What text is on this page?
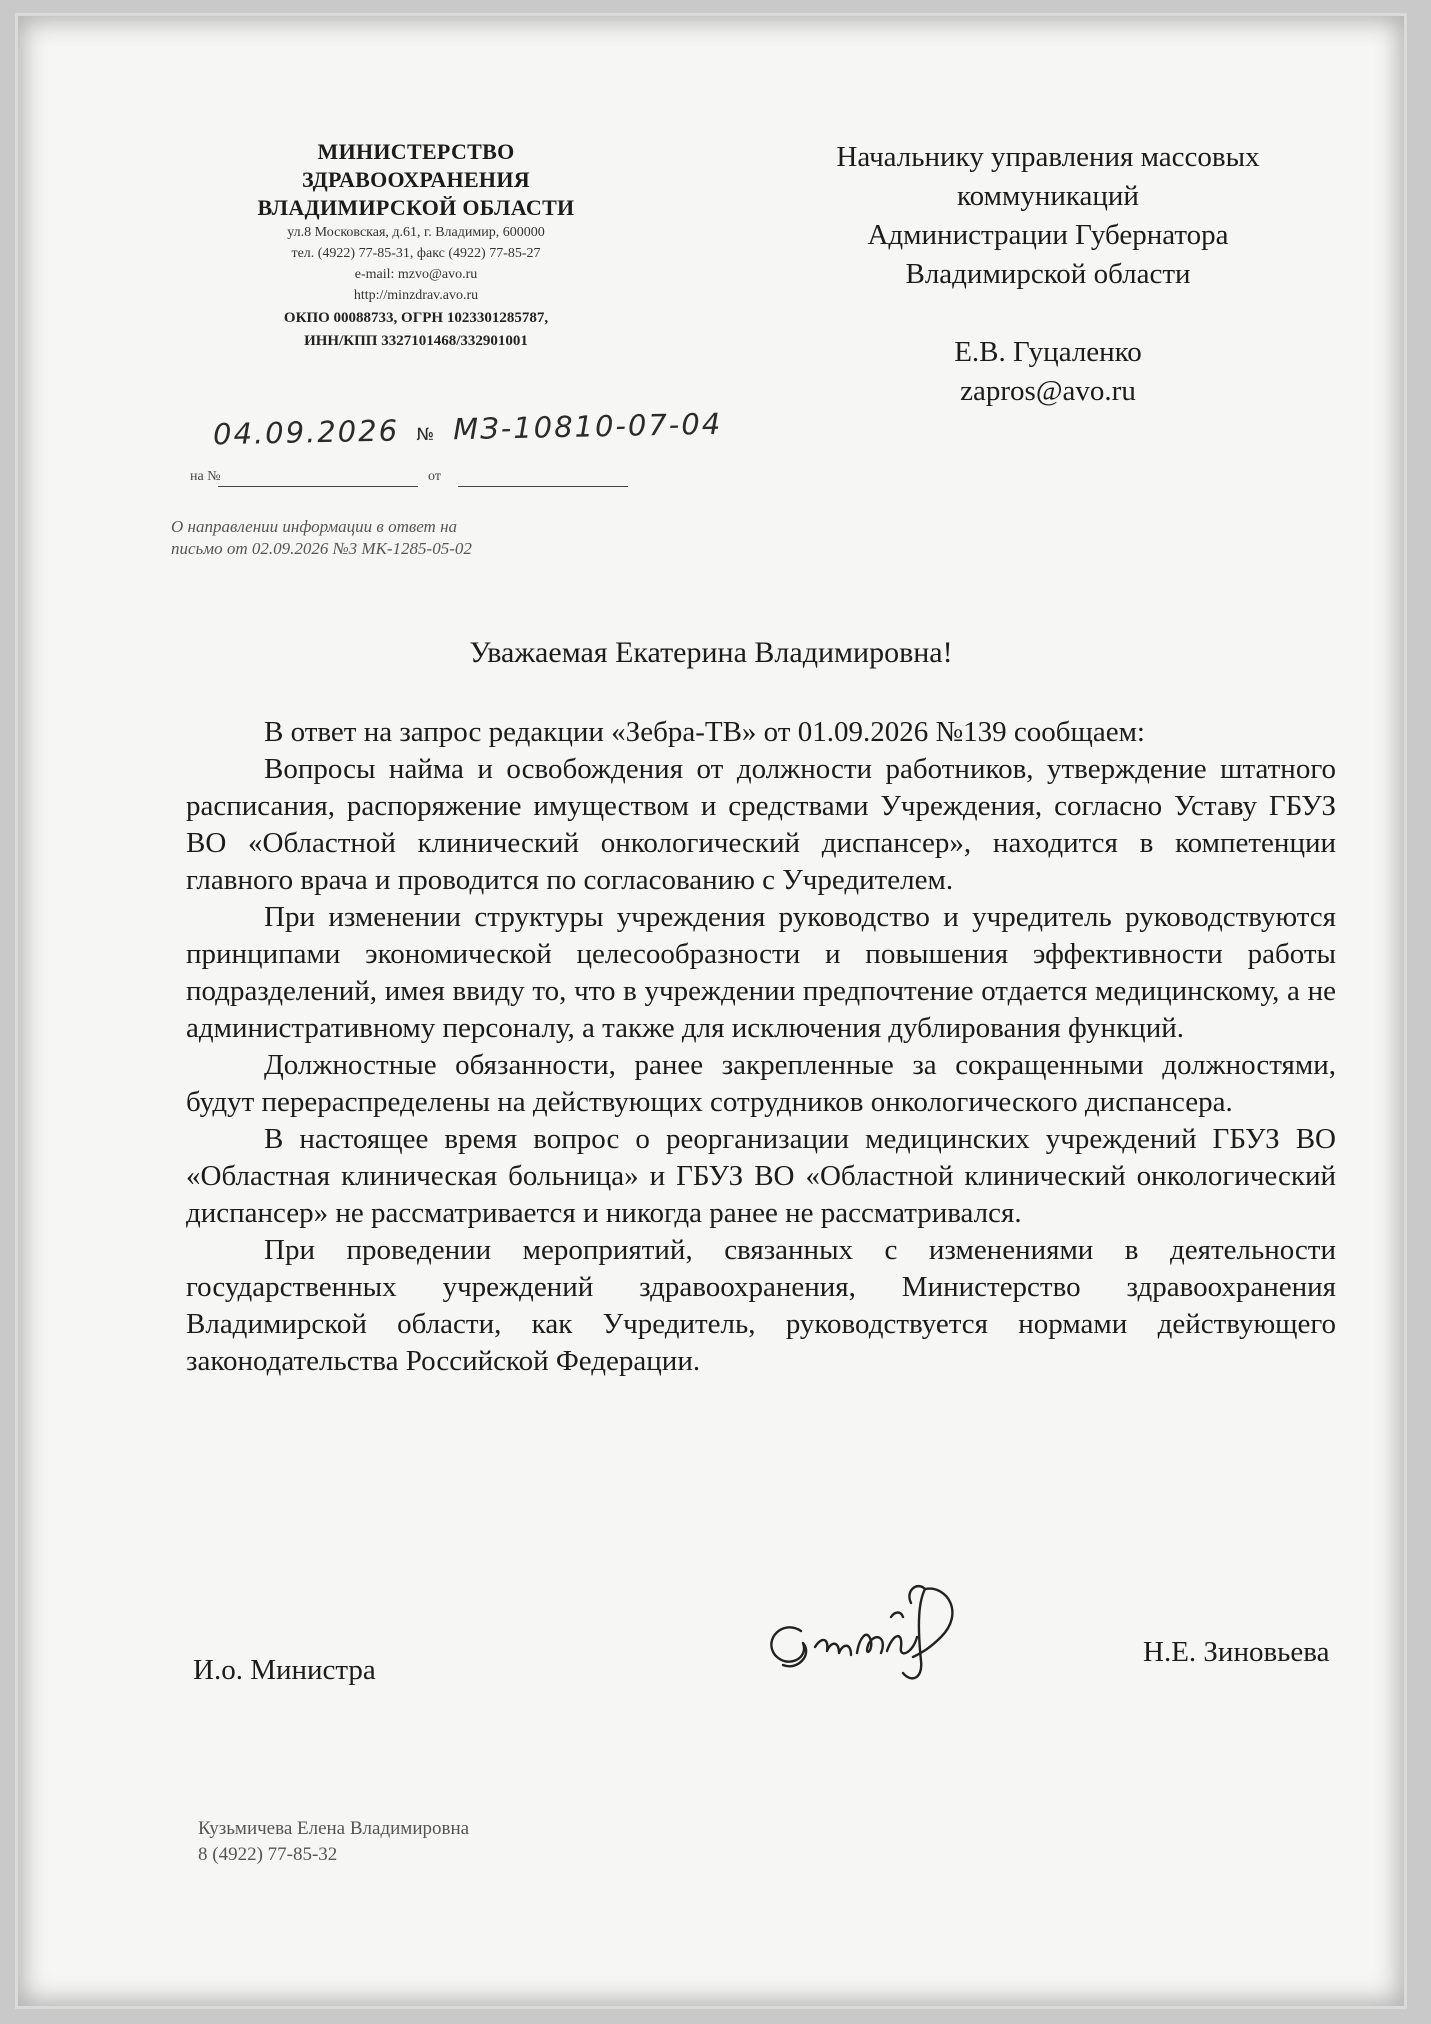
МИНИСТЕРСТВО
ЗДРАВООХРАНЕНИЯ
ВЛАДИМИРСКОЙ ОБЛАСТИ
ул.8 Московская, д.61, г. Владимир, 600000
тел. (4922) 77-85-31, факс (4922) 77-85-27
e-mail: mzvo@avo.ru
http://minzdrav.avo.ru
ОКПО 00088733, ОГРН 1023301285787,
ИНН/КПП 3327101468/332901001
04.09.2026 № МЗ-10810-07-04
на №	от
О направлении информации в ответ на
письмо от 02.09.2026 №3 МК-1285-05-02
Начальнику управления массовых
коммуникаций
Администрации Губернатора
Владимирской области
Е.В. Гуцаленко
zapros@avo.ru
Уважаемая Екатерина Владимировна!

В ответ на запрос редакции «Зебра-ТВ» от 01.09.2026 №139 сообщаем:

Вопросы найма и освобождения от должности работников, утверждение штатного расписания, распоряжение имуществом и средствами Учреждения, согласно Уставу ГБУЗ ВО «Областной клинический онкологический диспансер», находится в компетенции главного врача и проводится по согласованию с Учредителем.

При изменении структуры учреждения руководство и учредитель руководствуются принципами экономической целесообразности и повышения эффективности работы подразделений, имея ввиду то, что в учреждении предпочтение отдается медицинскому, а не административному персоналу, а также для исключения дублирования функций.

Должностные обязанности, ранее закрепленные за сокращенными должностями, будут перераспределены на действующих сотрудников онкологического диспансера.

В настоящее время вопрос о реорганизации медицинских учреждений ГБУЗ ВО «Областная клиническая больница» и ГБУЗ ВО «Областной клинический онкологический диспансер» не рассматривается и никогда ранее не рассматривался.

При проведении мероприятий, связанных с изменениями в деятельности государственных учреждений здравоохранения, Министерство здравоохранения Владимирской области, как Учредитель, руководствуется нормами действующего законодательства Российской Федерации.

И.о. Министра
Н.Е. Зиновьева
Кузьмичева Елена Владимировна
8 (4922) 77-85-32
